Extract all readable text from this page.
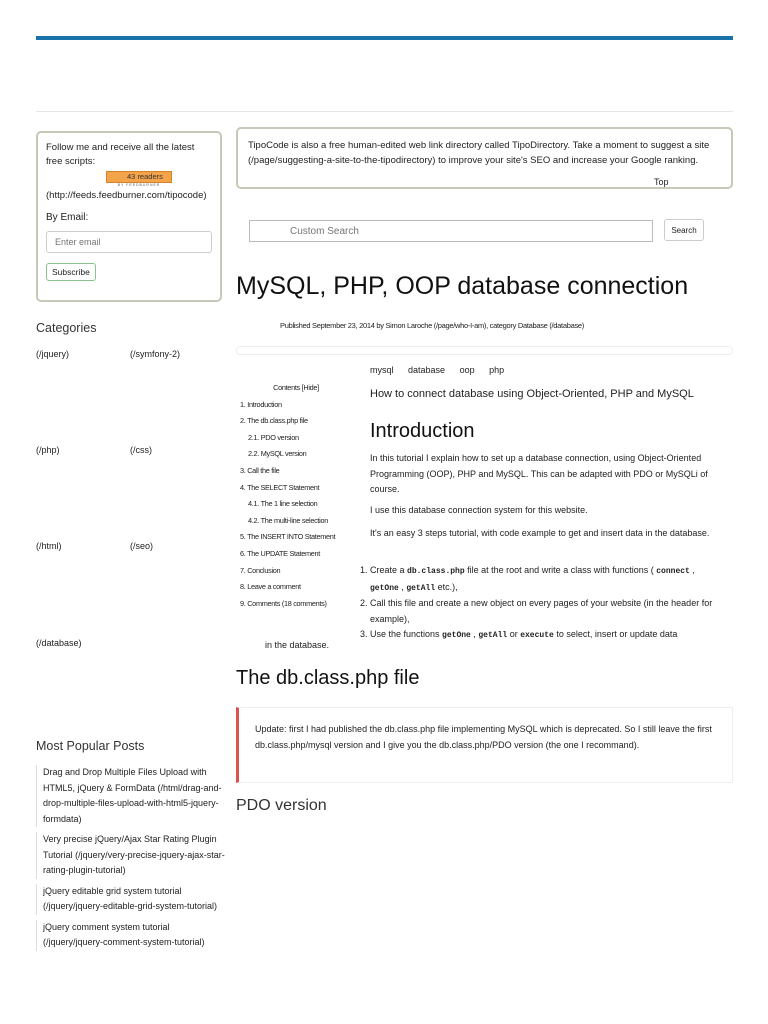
Follow me and receive all the latest free scripts:
43 readers
BY FEEDBURNER
(http://feeds.feedburner.com/tipocode)
By Email:
Enter email Subscribe
TipoCode is also a free human-edited web link directory called TipoDirectory. Take a moment to suggest a site (/page/suggesting-a-site-to-the-tipodirectory) to improve your site's SEO and increase your Google ranking.
Top
Custom Search
Search
MySQL, PHP, OOP database connection
Published September 23, 2014 by Simon Laroche (/page/who-I-am), category Database (/database)
mysql database oop php
Contents [Hide]
1. Introduction
2. The db.class.php file
2.1. PDO version
2.2. MySQL version
3. Call the file
4. The SELECT Statement
4.1. The 1 line selection
4.2. The multi-line selection
5. The INSERT INTO Statement
6. The UPDATE Statement
7. Conclusion
8. Leave a comment
9. Comments (18 comments)
How to connect database using Object-Oriented, PHP and MySQL
Introduction
In this tutorial I explain how to set up a database connection, using Object-Oriented Programming (OOP), PHP and MySQL. This can be adapted with PDO or MySQLi of course.
I use this database connection system for this website.
It's an easy 3 steps tutorial, with code example to get and insert data in the database.
1. Create a db.class.php file at the root and write a class with functions ( connect ,
getOne , getAll etc.),
2. Call this file and create a new object on every pages of your website (in the header for example),
3. Use the functions getOne , getAll or execute to select, insert or update data
in the database.
The db.class.php file
Update: first I had published the db.class.php file implementing MySQL which is deprecated. So I still leave the first db.class.php/mysql version and I give you the db.class.php/PDO version (the one I recommand).
PDO version
Categories
(/jquery)	(/symfony-2)
(/php)	(/css)
(/html)	(/seo)
(/database)
Most Popular Posts
Drag and Drop Multiple Files Upload with HTML5, jQuery & FormData (/html/drag-and-drop-multiple-files-upload-with-html5-jquery-formdata)
Very precise jQuery/Ajax Star Rating Plugin Tutorial (/jquery/very-precise-jquery-ajax-star-rating-plugin-tutorial)
jQuery editable grid system tutorial (/jquery/jquery-editable-grid-system-tutorial)
jQuery comment system tutorial (/jquery/jquery-comment-system-tutorial)
